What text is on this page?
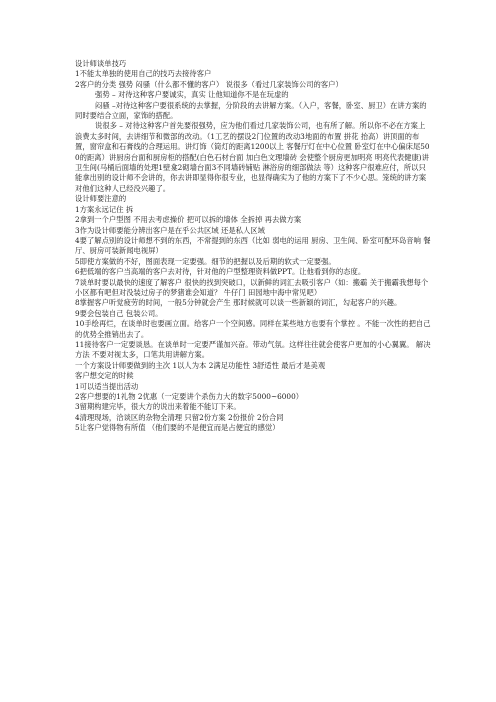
设计师谈单技巧

1不能太单独的使用自己的技巧去接待客户

2客户的分类 强势 闷骚（什么都不懂的客户） 说很多（看过几家装饰公司的客户）

强势 – 对待这种客户要诚实，真实 让他知道你不是在玩虚的

闷骚 –对待这种客户要很系统的去掌握，分阶段的去讲解方案。（入户，客餐，卧室、厨卫）在讲方案的同时要结合立面，家饰的搭配。

说很多 – 对待这种客户首先要很强势，应为他们看过几家装饰公司，也有所了解。所以你不必在方案上浪费太多时间，去讲细节和微部的改动。（1工艺的摆设2门位置的改动3地面的布置 拼花 抬高）讲顶面的布置，窗帘盒和石膏线的合理运用。讲灯饰（筒灯的距离1200以上 客餐厅灯在中心位置 卧室灯在中心偏床尾500的距离）讲厨房台面和厨房柜的搭配(白色石材台面 加白色文理墙砖 会使整个厨房更加明亮 明亮代表健康)讲卫生间(马桶后面墙的处理1壁龛2砌墙台面3不同墙砖铺贴 淋浴房的细部做法 等）这种客户很难应付，所以只能拿出别的设计师不会讲的，你去讲即显得你很专业，也显得确实为了他的方案下了不少心思。笼统的讲方案对他们这种人已经没兴趣了。

设计师要注意的

1方案永远记住 拆

2拿到一个户型图 不用去考虑操价 把可以拆的墙体 全拆掉 再去做方案

3作为设计师要能分辨出客户是在乎公共区域 还是私人区域

4要了解点别的设计师想不到的东西，不常提到的东西（比如 弱电的运用 厨房、卫生间、卧室可配环岛音响 餐厅、厨房可装新闻电视屏）

5即使方案做的不好，图面表现一定要强。细节的把握以及后期的软式一定要强。

6把低端的客户当高端的客户去对待，针对他的户型整理资料做PPT。让他看到你的态度。

7谈单时要以最快的速度了解客户 很快的找到突破口，以新鲜的词汇去吸引客户（如：搬霸 关于搬霸我想每个小区都有吧但对没装过房子的梦猪谁会知道？ 牛仔门 田园地中海中常见吧）

8掌握客户听觉疲劳的时间，一般5分钟就会产生 那时候就可以谈一些新颖的词汇，勾起客户的兴趣。

9要会包装自己 包装公司。

10手绘再烂，在谈单时也要画立面。给客户一个空间感。同样在某些地方也要有个掌控 。不能一次性的把自己的优势全推销出去了。

11接待客户一定要谈恳。在谈单时一定要严谨加兴奋。带动气氛。这样往往就会使客户更加的小心翼翼。 解决方法 不要对视太多，口笔共用讲解方案。

一个方案设计师要做到的主次 1以人为本 2满足功能性 3舒适性 最后才是美观

客户想交定的时候

1可以适当提出活动

2客户想要的1礼物 2优惠（一定要讲个杀伤力大的数字5000~6000）

3留期构建完毕，很大方的说出来着能不能订下来。

4清理现场，洽谈区的杂物全清理 只留2份方案 2份报价 2份合同

5让客户觉得物有所值 （他们要的不是便宜而是占便宜的感觉）
